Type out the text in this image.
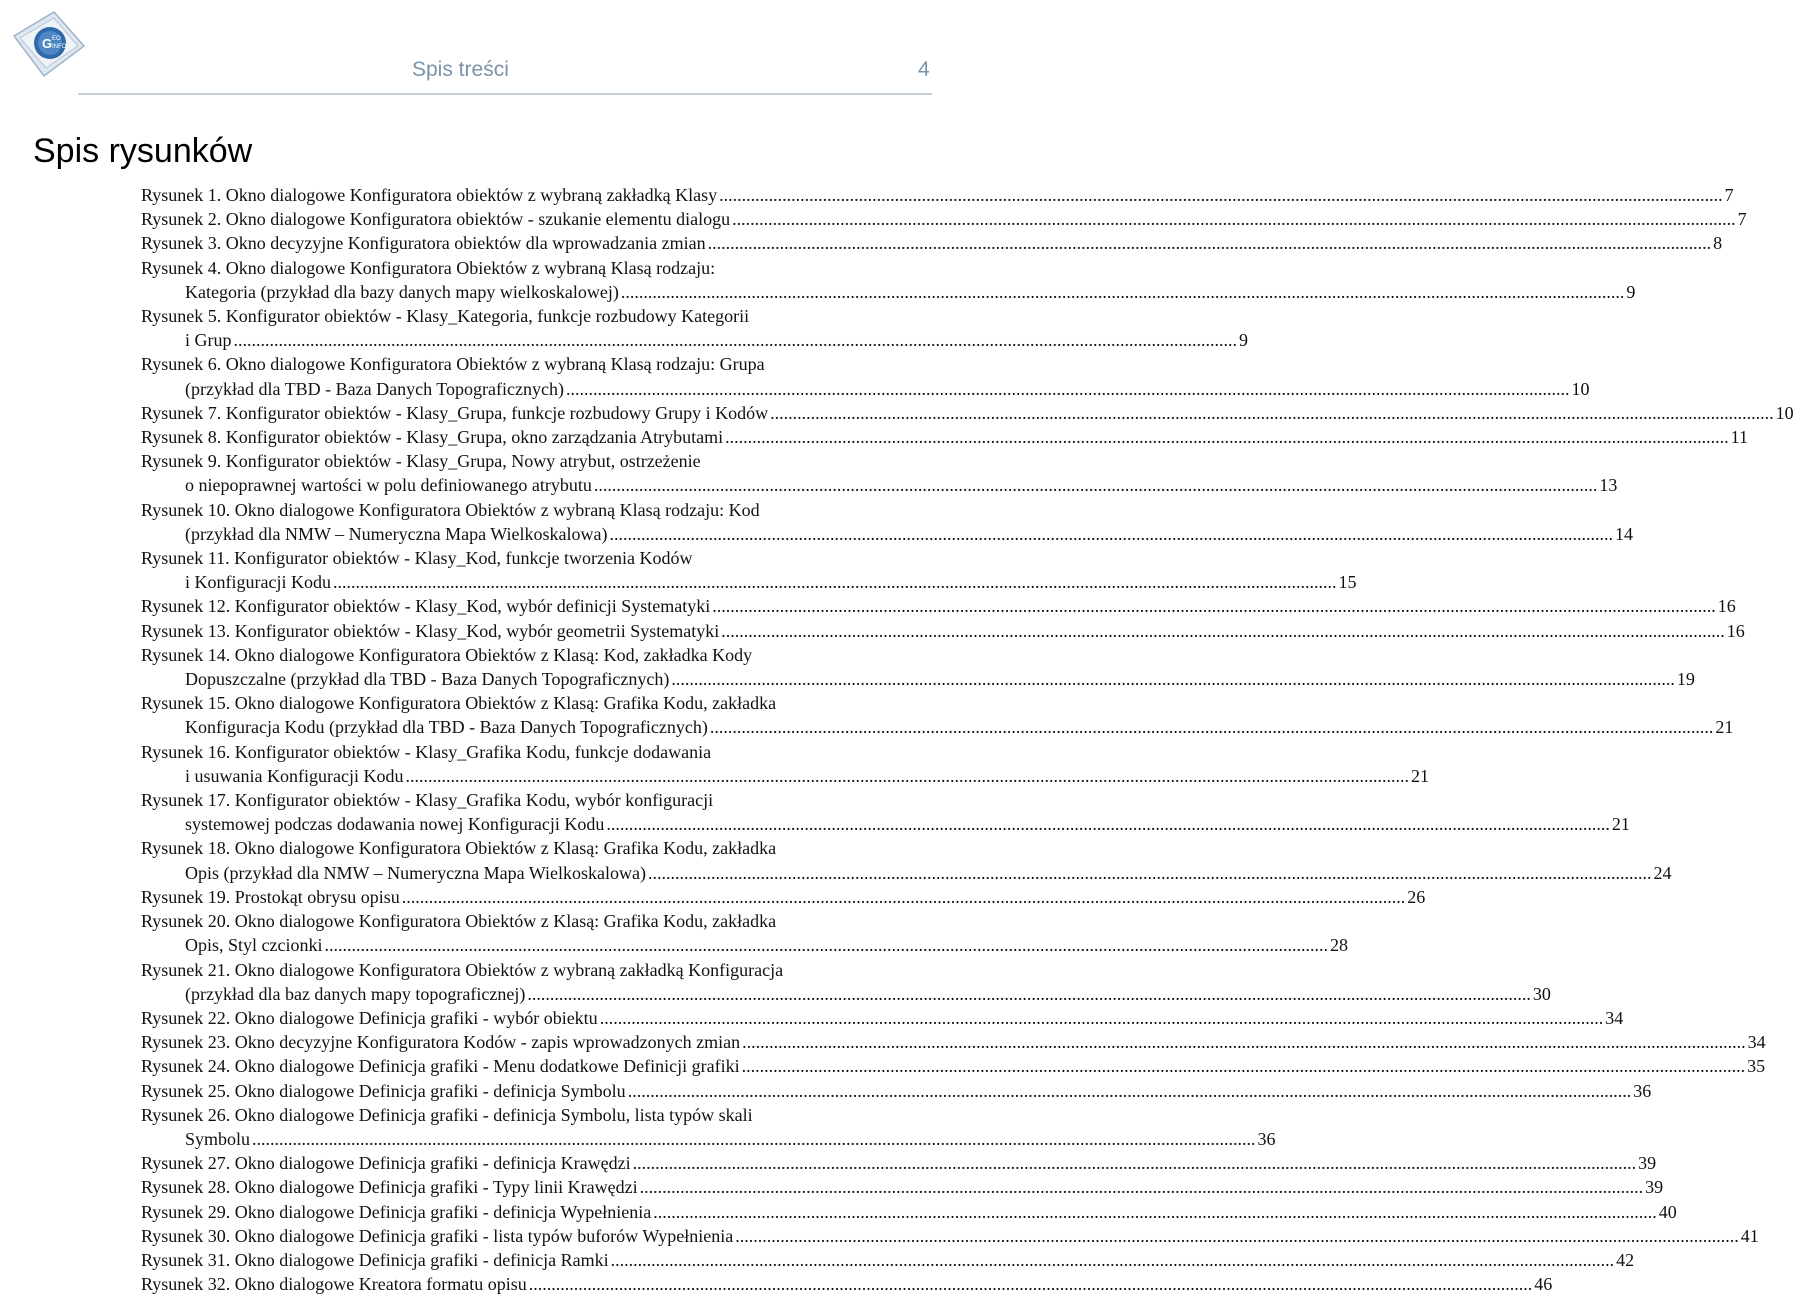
G EO
INFO
Spis treści	4
Spis rysunków
Rysunek 1. Okno dialogowe Konfiguratora obiektów z wybraną zakładką Klasy .....	7
Rysunek 2. Okno dialogowe Konfiguratora obiektów - szukanie elementu dialogu .....	7
Rysunek 3. Okno decyzyjne Konfiguratora obiektów dla wprowadzania zmian .....	8
Rysunek 4. Okno dialogowe Konfiguratora Obiektów z wybraną Klasą rodzaju:
Kategoria (przykład dla bazy danych mapy wielkoskalowej) .....	9
Rysunek 5. Konfigurator obiektów - Klasy_Kategoria, funkcje rozbudowy Kategorii
i Grup .....	9
Rysunek 6. Okno dialogowe Konfiguratora Obiektów z wybraną Klasą rodzaju: Grupa
(przykład dla TBD - Baza Danych Topograficznych) .....	10
Rysunek 7. Konfigurator obiektów - Klasy_Grupa, funkcje rozbudowy Grupy i Kodów .....	10
Rysunek 8. Konfigurator obiektów - Klasy_Grupa, okno zarządzania Atrybutami .....	11
Rysunek 9. Konfigurator obiektów - Klasy_Grupa, Nowy atrybut, ostrzeżenie
o niepoprawnej wartości w polu definiowanego atrybutu .....	13
Rysunek 10. Okno dialogowe Konfiguratora Obiektów z wybraną Klasą rodzaju: Kod
(przykład dla NMW – Numeryczna Mapa Wielkoskalowa) .....	14
Rysunek 11. Konfigurator obiektów - Klasy_Kod, funkcje tworzenia Kodów
i Konfiguracji Kodu .....	15
Rysunek 12. Konfigurator obiektów - Klasy_Kod, wybór definicji Systematyki .....	16
Rysunek 13. Konfigurator obiektów - Klasy_Kod, wybór geometrii Systematyki .....	16
Rysunek 14. Okno dialogowe Konfiguratora Obiektów z Klasą: Kod, zakładka Kody
Dopuszczalne (przykład dla TBD - Baza Danych Topograficznych) .....	19
Rysunek 15. Okno dialogowe Konfiguratora Obiektów z Klasą: Grafika Kodu, zakładka
Konfiguracja Kodu (przykład dla TBD - Baza Danych Topograficznych) .....	21
Rysunek 16. Konfigurator obiektów - Klasy_Grafika Kodu, funkcje dodawania
i usuwania Konfiguracji Kodu .....	21
Rysunek 17. Konfigurator obiektów - Klasy_Grafika Kodu, wybór konfiguracji
systemowej podczas dodawania nowej Konfiguracji Kodu .....	21
Rysunek 18. Okno dialogowe Konfiguratora Obiektów z Klasą: Grafika Kodu, zakładka
Opis (przykład dla NMW – Numeryczna Mapa Wielkoskalowa) .....	24
Rysunek 19. Prostokąt obrysu opisu .....	26
Rysunek 20. Okno dialogowe Konfiguratora Obiektów z Klasą: Grafika Kodu, zakładka
Opis, Styl czcionki .....	28
Rysunek 21. Okno dialogowe Konfiguratora Obiektów z wybraną zakładką Konfiguracja
(przykład dla baz danych mapy topograficznej) .....	30
Rysunek 22. Okno dialogowe Definicja grafiki - wybór obiektu .....	34
Rysunek 23. Okno decyzyjne Konfiguratora Kodów - zapis wprowadzonych zmian .....	34
Rysunek 24. Okno dialogowe Definicja grafiki - Menu dodatkowe Definicji grafiki .....	35
Rysunek 25. Okno dialogowe Definicja grafiki - definicja Symbolu .....	36
Rysunek 26. Okno dialogowe Definicja grafiki - definicja Symbolu, lista typów skali
Symbolu .....	36
Rysunek 27. Okno dialogowe Definicja grafiki - definicja Krawędzi .....	39
Rysunek 28. Okno dialogowe Definicja grafiki - Typy linii Krawędzi .....	39
Rysunek 29. Okno dialogowe Definicja grafiki - definicja Wypełnienia .....	40
Rysunek 30. Okno dialogowe Definicja grafiki - lista typów buforów Wypełnienia .....	41
Rysunek 31. Okno dialogowe Definicja grafiki - definicja Ramki .....	42
Rysunek 32. Okno dialogowe Kreatora formatu opisu .....	46
